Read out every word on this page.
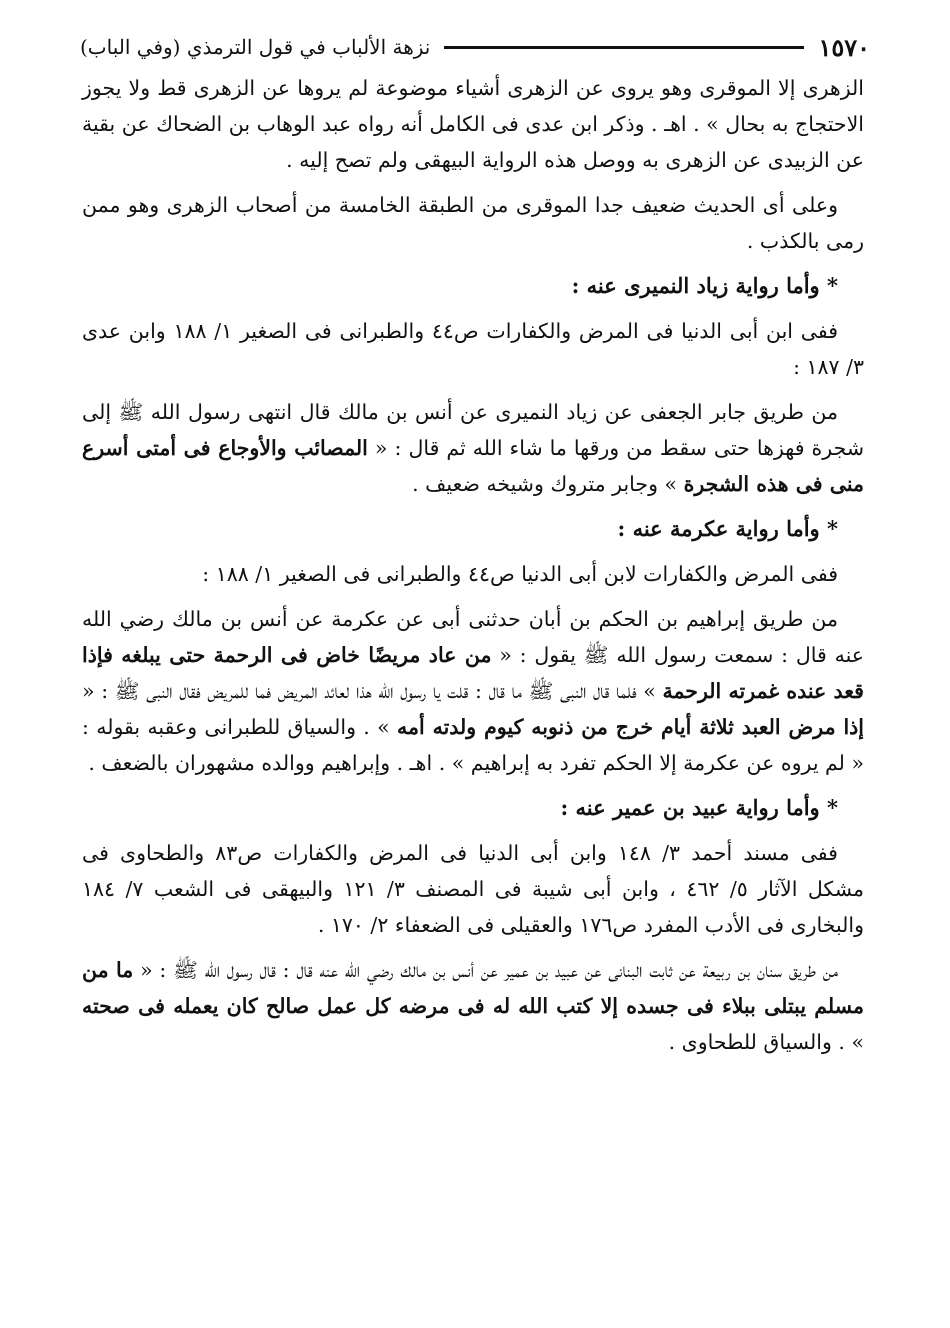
١٥٧٠
نزهة الألباب في قول الترمذي (وفي الباب)

الزهرى إلا الموقرى وهو يروى عن الزهرى أشياء موضوعة لم يروها عن الزهرى قط ولا يجوز الاحتجاج به بحال » . اهـ . وذكر ابن عدى فى الكامل أنه رواه عبد الوهاب بن الضحاك عن بقية عن الزبيدى عن الزهرى به ووصل هذه الرواية البيهقى ولم تصح إليه .

وعلى أى الحديث ضعيف جدا الموقرى من الطبقة الخامسة من أصحاب الزهرى وهو ممن رمى بالكذب .

* وأما رواية زياد النميرى عنه :

ففى ابن أبى الدنيا فى المرض والكفارات ص٤٤ والطبرانى فى الصغير ١/ ١٨٨ وابن عدى ٣/ ١٨٧ :

من طريق جابر الجعفى عن زياد النميرى عن أنس بن مالك قال انتهى رسول الله ﷺ إلى شجرة فهزها حتى سقط من ورقها ما شاء الله ثم قال : « المصائب والأوجاع فى أمتى أسرع منى فى هذه الشجرة » وجابر متروك وشيخه ضعيف .

* وأما رواية عكرمة عنه :

ففى المرض والكفارات لابن أبى الدنيا ص٤٤ والطبرانى فى الصغير ١/ ١٨٨ :

من طريق إبراهيم بن الحكم بن أبان حدثنى أبى عن عكرمة عن أنس بن مالك رضي الله عنه قال : سمعت رسول الله ﷺ يقول : « من عاد مريضًا خاض فى الرحمة حتى يبلغه فإذا قعد عنده غمرته الرحمة » فلما قال النبى ﷺ ما قال : قلت يا رسول الله هذا لعائد المريض فما للمريض فقال النبى ﷺ : « إذا مرض العبد ثلاثة أيام خرج من ذنوبه كيوم ولدته أمه » . والسياق للطبرانى وعقبه بقوله : « لم يروه عن عكرمة إلا الحكم تفرد به إبراهيم » . اهـ . وإبراهيم ووالده مشهوران بالضعف .

* وأما رواية عبيد بن عمير عنه :

ففى مسند أحمد ٣/ ١٤٨ وابن أبى الدنيا فى المرض والكفارات ص٨٣ والطحاوى فى مشكل الآثار ٥/ ٤٦٢ ، وابن أبى شيبة فى المصنف ٣/ ١٢١ والبيهقى فى الشعب ٧/ ١٨٤ والبخارى فى الأدب المفرد ص١٧٦ والعقيلى فى الضعفاء ٢/ ١٧٠ .

من طريق سنان بن ربيعة عن ثابت البنانى عن عبيد بن عمير عن أنس بن مالك رضي الله عنه قال : قال رسول الله ﷺ : « ما من مسلم يبتلى ببلاء فى جسده إلا كتب الله له فى مرضه كل عمل صالح كان يعمله فى صحته » . والسياق للطحاوى .
